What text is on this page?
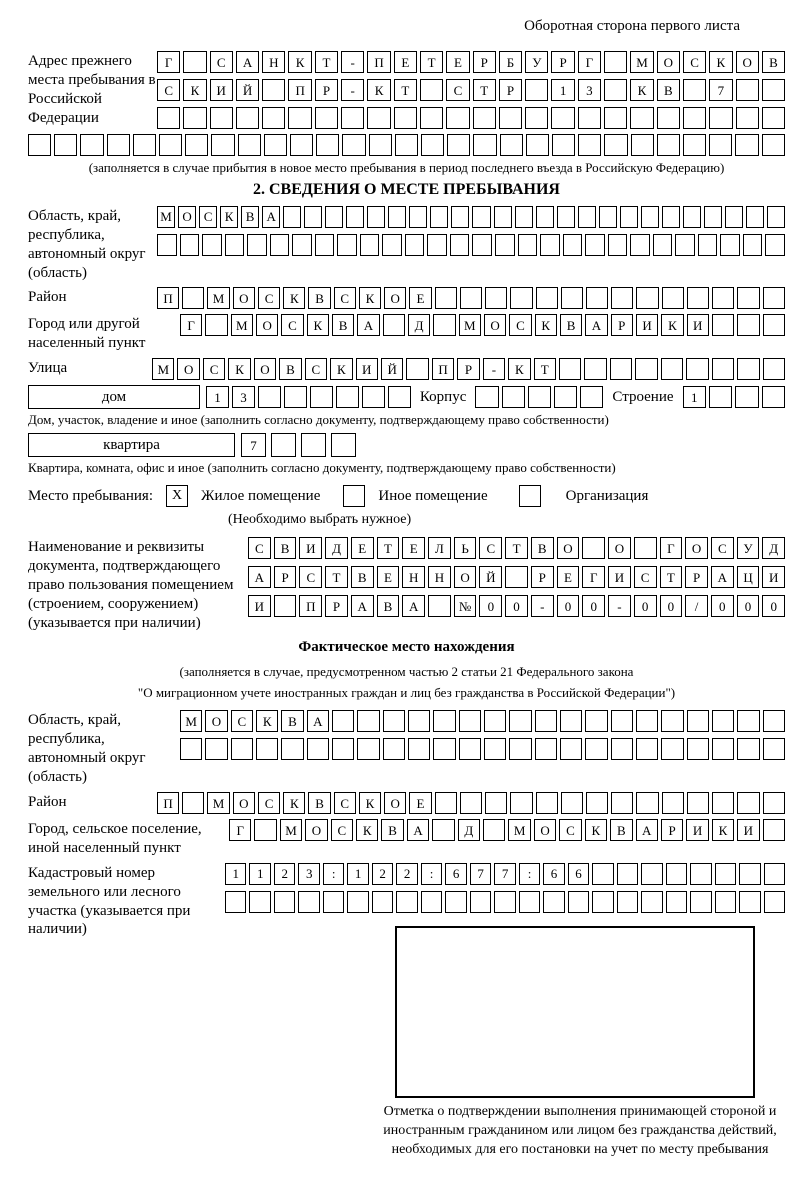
Оборотная сторона первого листа
Адрес прежнего места пребывания в Российской Федерации
Г	С	А	Н	К	Т	-	П	Е	Т	Е	Р	Б	У	Р	Г	М	О	С	К	О	В
С	К	И	Й	П	Р	-	К	Т	С	Т	Р	1	3	К	В	7
(заполняется в случае прибытия в новое место пребывания в период последнего въезда в Российскую Федерацию)
2. СВЕДЕНИЯ О МЕСТЕ ПРЕБЫВАНИЯ
Область, край, республика, автономный округ (область)
М О С К В А
Район	П	М	О	С	К	В	С	К	О	Е
Город или другой населенный пункт
Г	М	О	С	К	В	А	Д	М	О	С	К	В	А	Р	И	К	И
Улица	М	О	С	К	О	В	С	К	И	Й	П	Р	-	К	Т
дом	1	3	Корпус	Строение	1
Дом, участок, владение и иное (заполнить согласно документу, подтверждающему право собственности)
квартира	7
Квартира, комната, офис и иное (заполнить согласно документу, подтверждающему право собственности)
Место пребывания:	X	Жилое помещение	Иное помещение	Организация
(Необходимо выбрать нужное)
Наименование и реквизиты документа, подтверждающего право пользования помещением (строением, сооружением) (указывается при наличии)
С	В	И	Д	Е	Т	Е	Л	Ь	С	Т	В	О	О	Г	О	С	У	Д
А	Р	С	Т	В	Е	Н	Н	О	Й	Р	Е	Г	И	С	Т	Р	А	Ц	И
И	П	Р	А	В	А	№	0	0	-	0	0	-	0	0	/	0	0	0
Фактическое место нахождения
(заполняется в случае, предусмотренном частью 2 статьи 21 Федерального закона
"О миграционном учете иностранных граждан и лиц без гражданства в Российской Федерации")
Область, край, республика, автономный округ (область)
М	О	С	К	В	А
Район	П	М	О	С	К	В	С	К	О	Е
Город, сельское поселение, иной населенный пункт
Г	М	О	С	К	В	А	Д	М	О	С	К	В	А	Р	И	К	И
Кадастровый номер земельного или лесного участка (указывается при наличии)
1	1	2	3	:	1	2	2	:	6	7	7	:	6	6
Отметка о подтверждении выполнения принимающей стороной и иностранным гражданином или лицом без гражданства действий, необходимых для его постановки на учет по месту пребывания
